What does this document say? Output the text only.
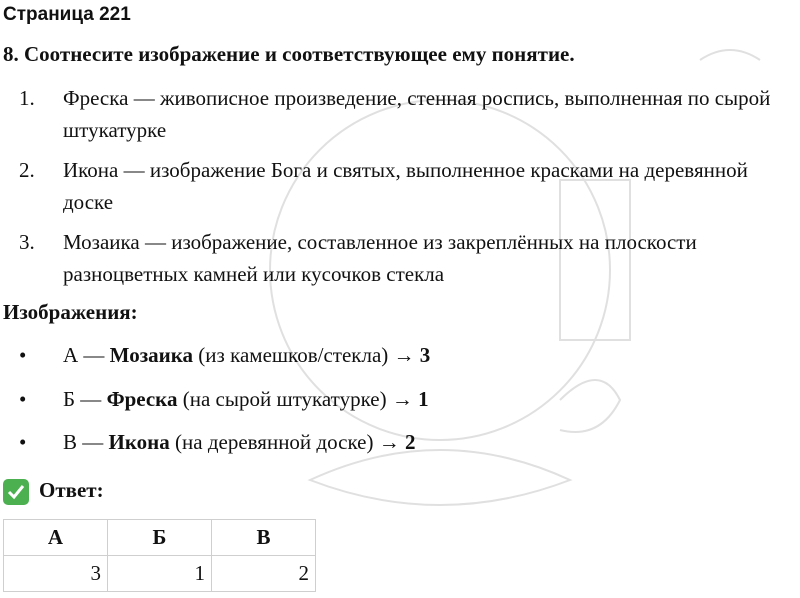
Страница 221
8. Соотнесите изображение и соответствующее ему понятие.
1. Фреска — живописное произведение, стенная роспись, выполненная по сырой штукатурке
2. Икона — изображение Бога и святых, выполненное красками на деревянной доске
3. Мозаика — изображение, составленное из закреплённых на плоскости разноцветных камней или кусочков стекла
Изображения:
• А — Мозаика (из камешков/стекла) → 3
• Б — Фреска (на сырой штукатурке) → 1
• В — Икона (на деревянной доске) → 2
Ответ:
А	Б	В
3	1	2
